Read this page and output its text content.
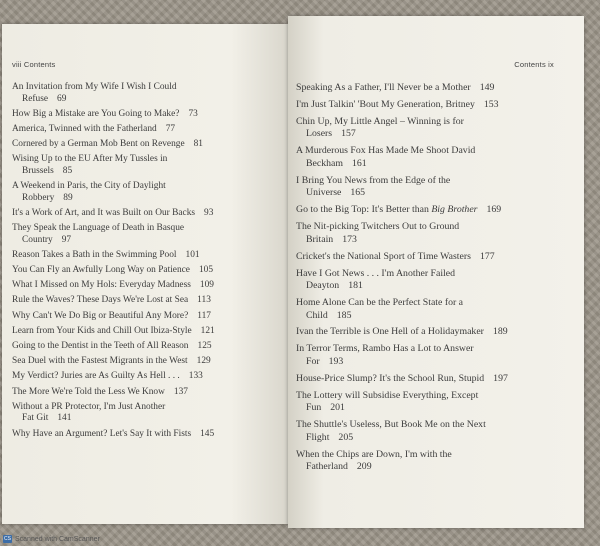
viii Contents
An Invitation from My Wife I Wish I Could
Refuse 69
How Big a Mistake are You Going to Make? 73
America, Twinned with the Fatherland 77
Cornered by a German Mob Bent on Revenge 81
Wising Up to the EU After My Tussles in
Brussels 85
A Weekend in Paris, the City of Daylight
Robbery 89
It's a Work of Art, and It was Built on Our Backs 93
They Speak the Language of Death in Basque
Country 97
Reason Takes a Bath in the Swimming Pool 101
You Can Fly an Awfully Long Way on Patience 105
What I Missed on My Hols: Everyday Madness 109
Rule the Waves? These Days We're Lost at Sea 113
Why Can't We Do Big or Beautiful Any More? 117
Learn from Your Kids and Chill Out Ibiza-Style 121
Going to the Dentist in the Teeth of All Reason 125
Sea Duel with the Fastest Migrants in the West 129
My Verdict? Juries are As Guilty As Hell . . . 133
The More We're Told the Less We Know 137
Without a PR Protector, I'm Just Another
Fat Git 141
Why Have an Argument? Let's Say It with Fists 145
Contents ix
Speaking As a Father, I'll Never be a Mother 149
I'm Just Talkin' 'Bout My Generation, Britney 153
Chin Up, My Little Angel – Winning is for
Losers 157
A Murderous Fox Has Made Me Shoot David
Beckham 161
I Bring You News from the Edge of the
Universe 165
Go to the Big Top: It's Better than Big Brother 169
The Nit-picking Twitchers Out to Ground
Britain 173
Cricket's the National Sport of Time Wasters 177
Have I Got News . . . I'm Another Failed
Deayton 181
Home Alone Can be the Perfect State for a
Child 185
Ivan the Terrible is One Hell of a Holidaymaker 189
In Terror Terms, Rambo Has a Lot to Answer
For 193
House-Price Slump? It's the School Run, Stupid 197
The Lottery will Subsidise Everything, Except
Fun 201
The Shuttle's Useless, But Book Me on the Next
Flight 205
When the Chips are Down, I'm with the
Fatherland 209
CS Scanned with CamScanner
